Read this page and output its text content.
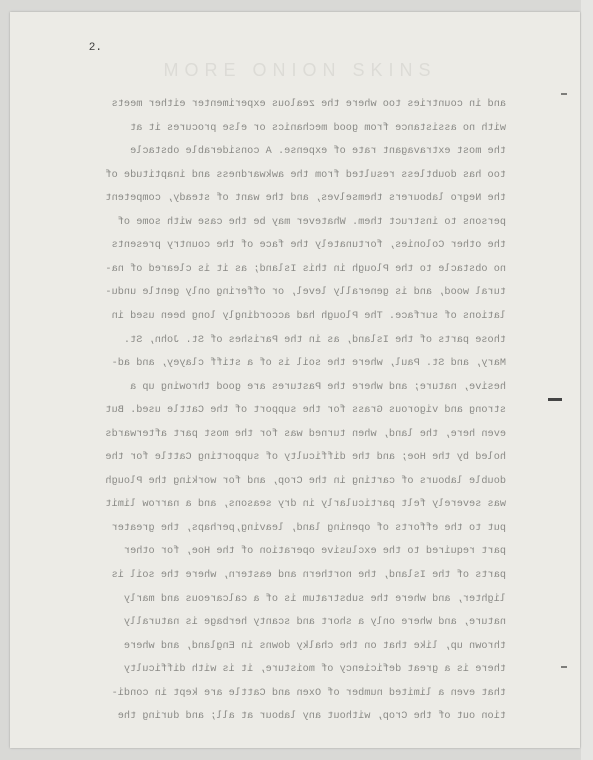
MORE ONION SKINS
2.
and in countries too where the zealous experimenter either meets
with no assistance from good mechanics or else procures it at
the most extravagant rate of expense. A considerable obstacle
too has doubtless resulted from the awkwardness and inaptitude of
the Negro labourers themselves, and the want of steady, competent
persons to instruct them. Whatever may be the case with some of
the other Colonies, fortunately the face of the country presents
no obstacle to the Plough in this Island; as it is cleared of na-
tural wood, and is generally level, or offering only gentle undu-
lations of surface. The Plough had accordingly long been used in
those parts of the Island, as in the Parishes of St. John, St.
Mary, and St. Paul, where the soil is of a stiff clayey, and ad-
hesive, nature; and where the Pastures are good throwing up a
strong and vigorous Grass for the support of the Cattle used. But
even here, the land, when turned was for the most part afterwards
holed by the Hoe; and the difficulty of supporting Cattle for the
double labours of carting in the Crop, and for working the Plough
was severely felt particularly in dry seasons, and a narrow limit
put to the efforts of opening land, leaving,perhaps, the greater
part required to the exclusive operation of the Hoe, for other
parts of the Island, the northern and eastern, where the soil is
lighter, and where the substratum is of a calcareous and marly
nature, and where only a short and scanty herbage is naturally
thrown up, like that on the chalky downs in England, and where
there is a great deficiency of moisture, it is with difficulty
that even a limited number of Oxen and Cattle are kept in condi-
tion out of the Crop, without any labour at all; and during the
